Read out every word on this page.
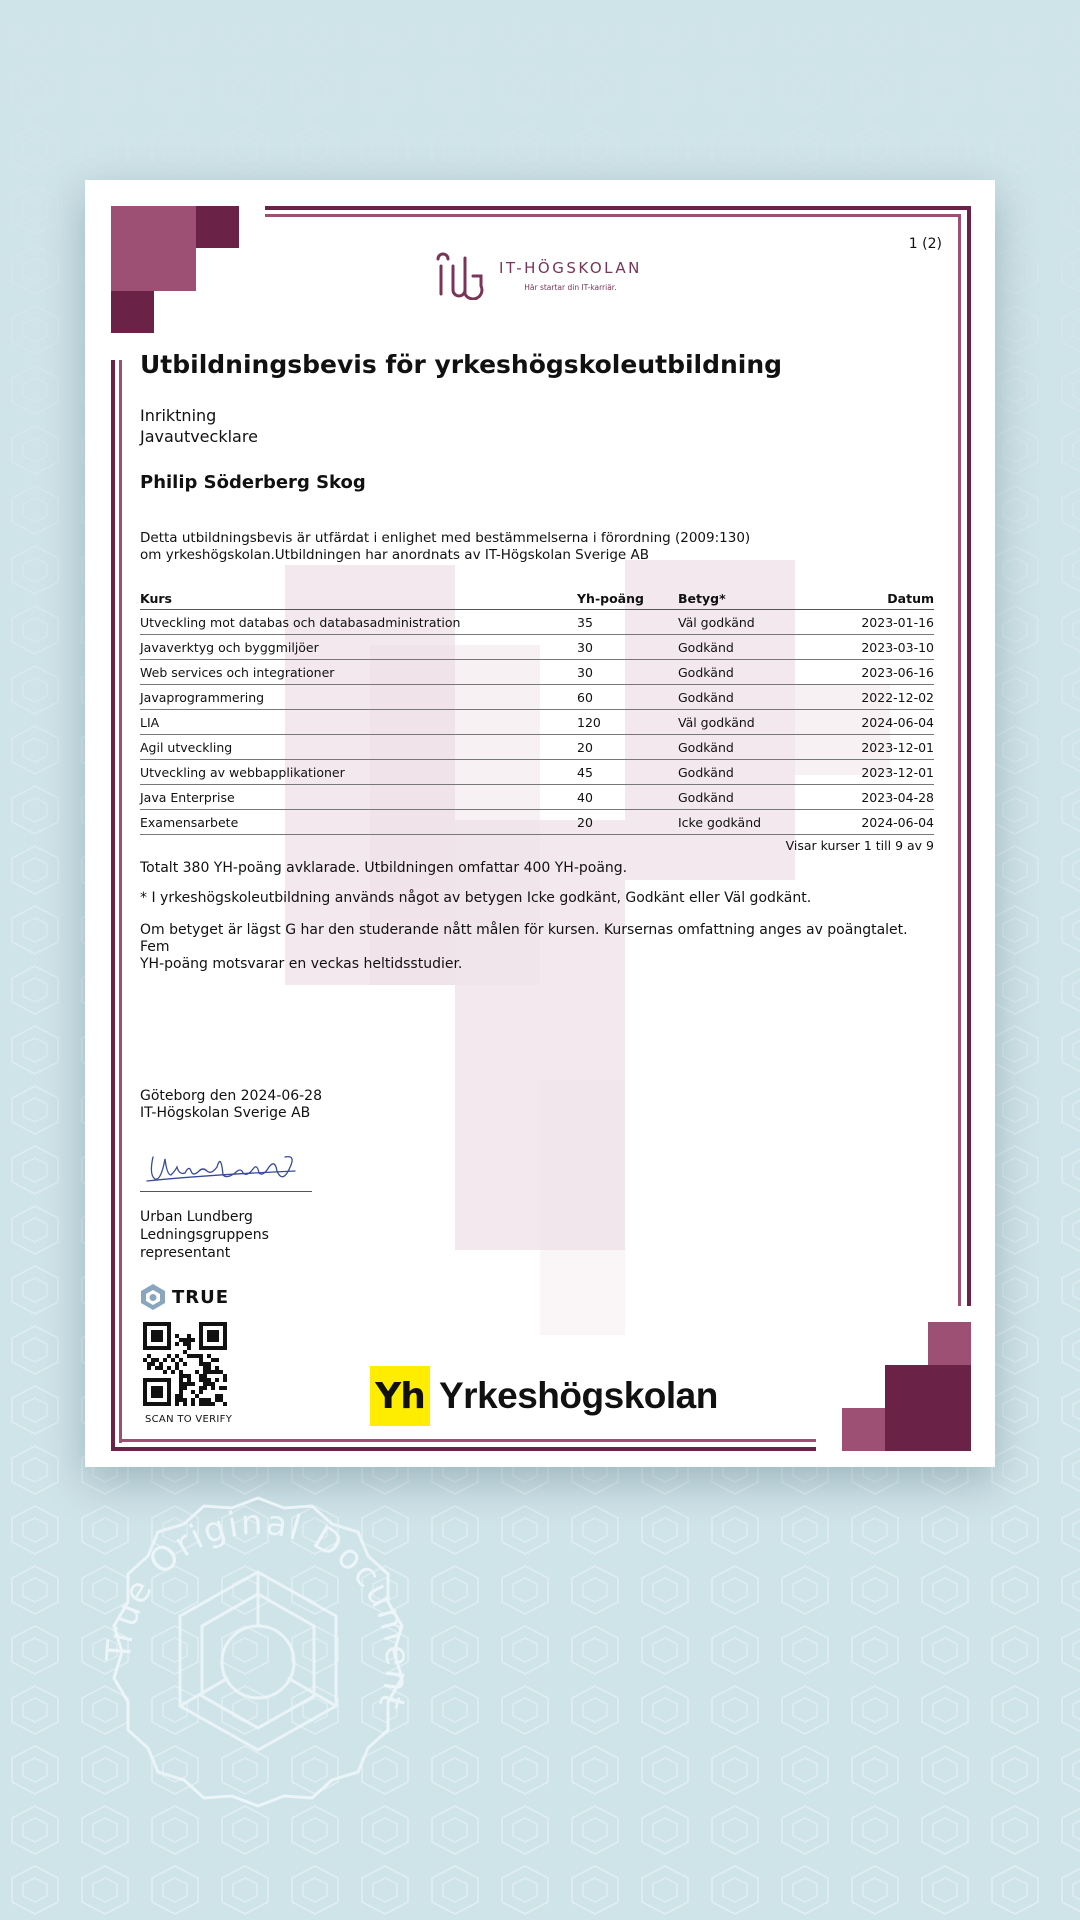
1 (2)
IT-HÖGSKOLAN
Här startar din IT-karriär.
Utbildningsbevis för yrkeshögskoleutbildning
Inriktning
Javautvecklare
Philip Söderberg Skog
Detta utbildningsbevis är utfärdat i enlighet med bestämmelserna i förordning (2009:130)
om yrkeshögskolan.Utbildningen har anordnats av IT-Högskolan Sverige AB
Kurs	Yh-poäng	Betyg*	Datum
Utveckling mot databas och databasadministration	35	Väl godkänd	2023-01-16
Javaverktyg och byggmiljöer	30	Godkänd	2023-03-10
Web services och integrationer	30	Godkänd	2023-06-16
Javaprogrammering	60	Godkänd	2022-12-02
LIA	120	Väl godkänd	2024-06-04
Agil utveckling	20	Godkänd	2023-12-01
Utveckling av webbapplikationer	45	Godkänd	2023-12-01
Java Enterprise	40	Godkänd	2023-04-28
Examensarbete	20	Icke godkänd	2024-06-04
Visar kurser 1 till 9 av 9
Totalt 380 YH-poäng avklarade. Utbildningen omfattar 400 YH-poäng.
* I yrkeshögskoleutbildning används något av betygen Icke godkänt, Godkänt eller Väl godkänt.
Om betyget är lägst G har den studerande nått målen för kursen. Kursernas omfattning anges av poängtalet. Fem
YH-poäng motsvarar en veckas heltidsstudier.
Göteborg den 2024-06-28
IT-Högskolan Sverige AB
Urban Lundberg
Ledningsgruppens
representant
TRUE
SCAN TO VERIFY
Yh Yrkeshögskolan
True Original Document
